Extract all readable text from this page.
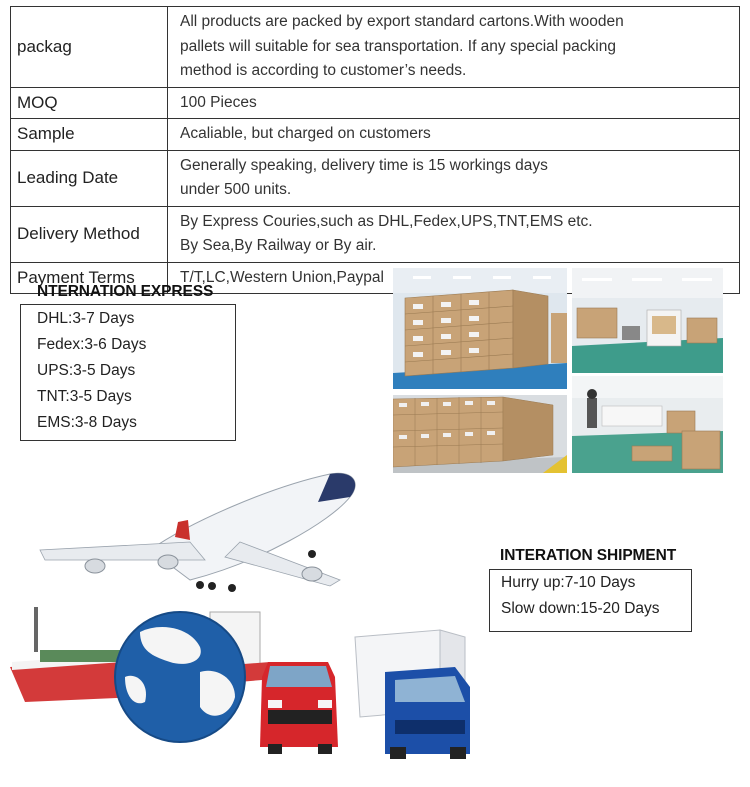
packag	All products are packed by export standard cartons.With wooden
pallets will suitable for sea transportation. If any special packing
method is according to customer’s needs.

MOQ	100 Pieces

Sample	Acaliable, but charged on customers

Leading Date	Generally speaking, delivery time is 15 workings days
under 500 units.

Delivery Method	By Express Couries,such as DHL,Fedex,UPS,TNT,EMS etc.
By Sea,By Railway or By air.

Payment Terms	T/T,LC,Western Union,Paypal
NTERNATION EXPRESS
DHL:3-7 Days
Fedex:3-6 Days
UPS:3-5 Days
TNT:3-5 Days
EMS:3-8 Days
INTERATION SHIPMENT
Hurry up:7-10 Days
Slow down:15-20 Days
